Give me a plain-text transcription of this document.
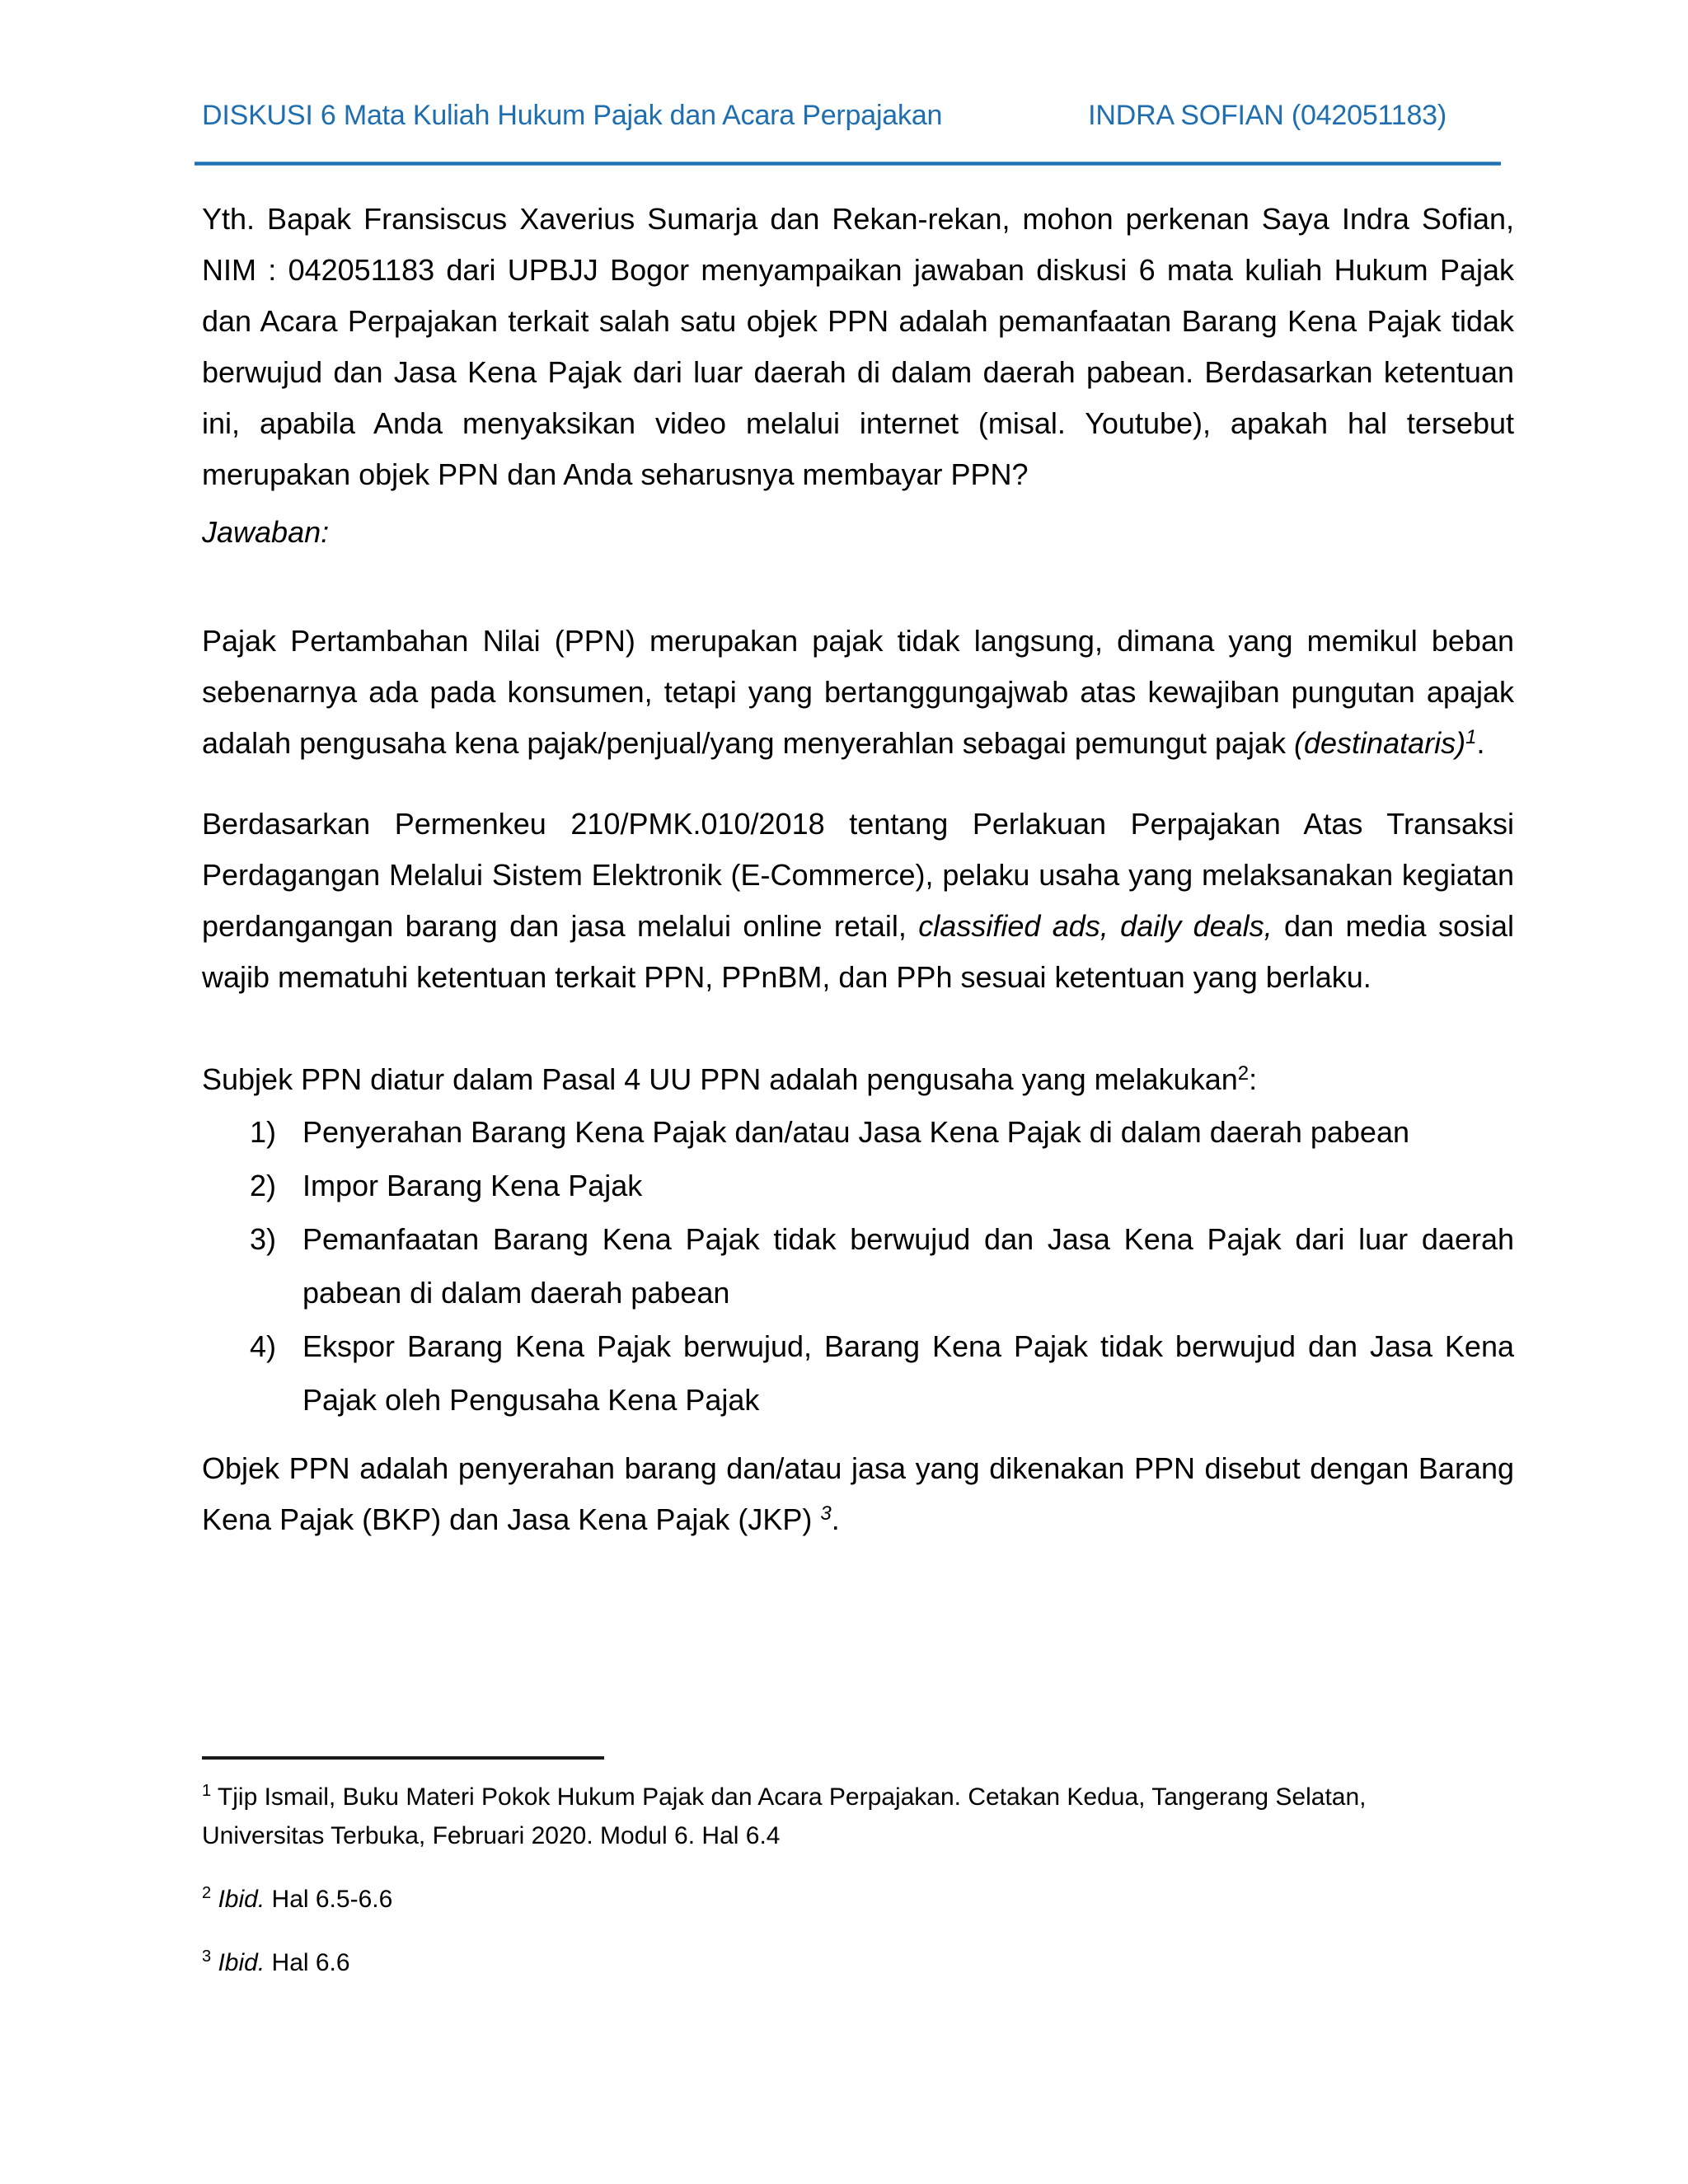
DISKUSI 6 Mata Kuliah Hukum Pajak dan Acara Perpajakan	INDRA SOFIAN (042051183)

Yth. Bapak Fransiscus Xaverius Sumarja dan Rekan-rekan, mohon perkenan Saya Indra Sofian, NIM : 042051183 dari UPBJJ Bogor menyampaikan jawaban diskusi 6 mata kuliah Hukum Pajak dan Acara Perpajakan terkait salah satu objek PPN adalah pemanfaatan Barang Kena Pajak tidak berwujud dan Jasa Kena Pajak dari luar daerah di dalam daerah pabean. Berdasarkan ketentuan ini, apabila Anda menyaksikan video melalui internet (misal. Youtube), apakah hal tersebut merupakan objek PPN dan Anda seharusnya membayar PPN?

Jawaban:

Pajak Pertambahan Nilai (PPN) merupakan pajak tidak langsung, dimana yang memikul beban sebenarnya ada pada konsumen, tetapi yang bertanggungajwab atas kewajiban pungutan apajak adalah pengusaha kena pajak/penjual/yang menyerahlan sebagai pemungut pajak (destinataris)$^1$.

Berdasarkan Permenkeu 210/PMK.010/2018 tentang Perlakuan Perpajakan Atas Transaksi Perdagangan Melalui Sistem Elektronik (E-Commerce), pelaku usaha yang melaksanakan kegiatan perdangangan barang dan jasa melalui online retail, classified ads, daily deals, dan media sosial wajib mematuhi ketentuan terkait PPN, PPnBM, dan PPh sesuai ketentuan yang berlaku.

Subjek PPN diatur dalam Pasal 4 UU PPN adalah pengusaha yang melakukan$^2$:

1) Penyerahan Barang Kena Pajak dan/atau Jasa Kena Pajak di dalam daerah pabean
2) Impor Barang Kena Pajak
3) Pemanfaatan Barang Kena Pajak tidak berwujud dan Jasa Kena Pajak dari luar daerah pabean di dalam daerah pabean
4) Ekspor Barang Kena Pajak berwujud, Barang Kena Pajak tidak berwujud dan Jasa Kena Pajak oleh Pengusaha Kena Pajak

Objek PPN adalah penyerahan barang dan/atau jasa yang dikenakan PPN disebut dengan Barang Kena Pajak (BKP) dan Jasa Kena Pajak (JKP) $^3$.

$^1$ Tjip Ismail, Buku Materi Pokok Hukum Pajak dan Acara Perpajakan. Cetakan Kedua, Tangerang Selatan, Universitas Terbuka, Februari 2020. Modul 6. Hal 6.4

$^2$ Ibid. Hal 6.5-6.6

$^3$ Ibid. Hal 6.6
